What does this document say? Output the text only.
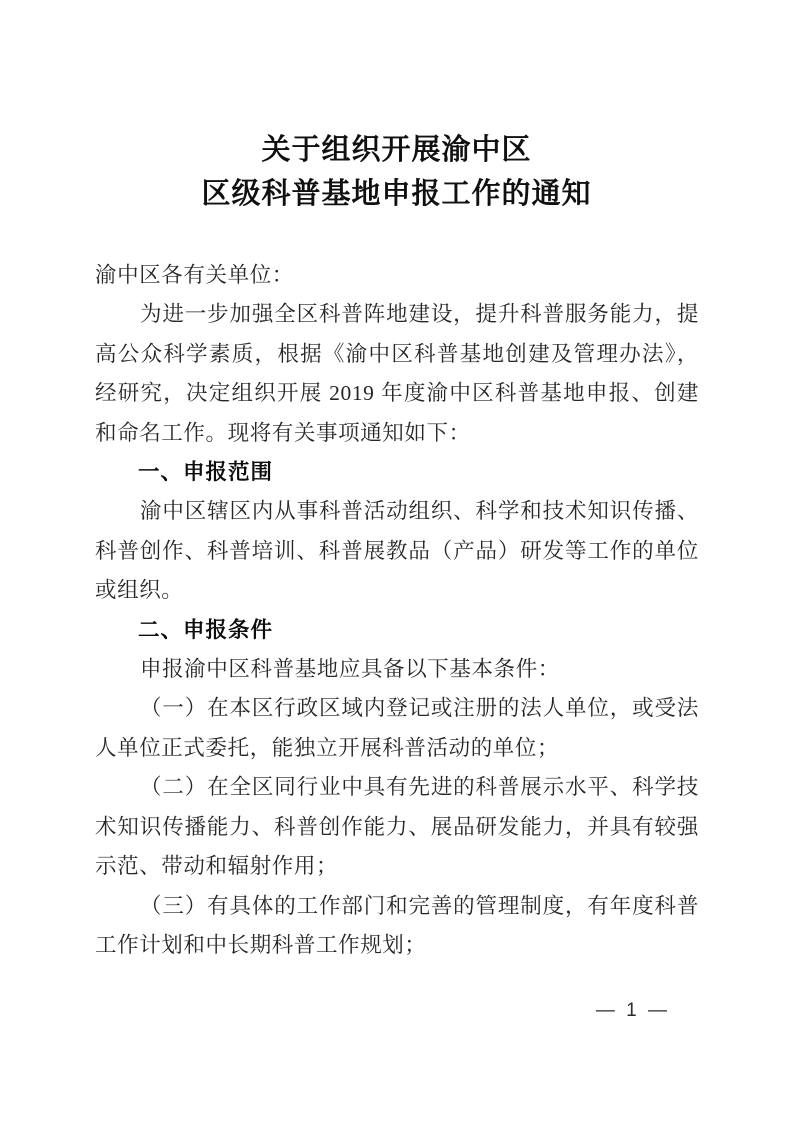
关于组织开展渝中区
区级科普基地申报工作的通知

渝中区各有关单位：

为进一步加强全区科普阵地建设，提升科普服务能力，提高公众科学素质，根据《渝中区科普基地创建及管理办法》，经研究，决定组织开展 2019 年度渝中区科普基地申报、创建和命名工作。现将有关事项通知如下：

一、申报范围

渝中区辖区内从事科普活动组织、科学和技术知识传播、科普创作、科普培训、科普展教品（产品）研发等工作的单位或组织。

二、申报条件

申报渝中区科普基地应具备以下基本条件：

（一）在本区行政区域内登记或注册的法人单位，或受法人单位正式委托，能独立开展科普活动的单位；

（二）在全区同行业中具有先进的科普展示水平、科学技术知识传播能力、科普创作能力、展品研发能力，并具有较强示范、带动和辐射作用；

（三）有具体的工作部门和完善的管理制度，有年度科普工作计划和中长期科普工作规划；

— 1 —
